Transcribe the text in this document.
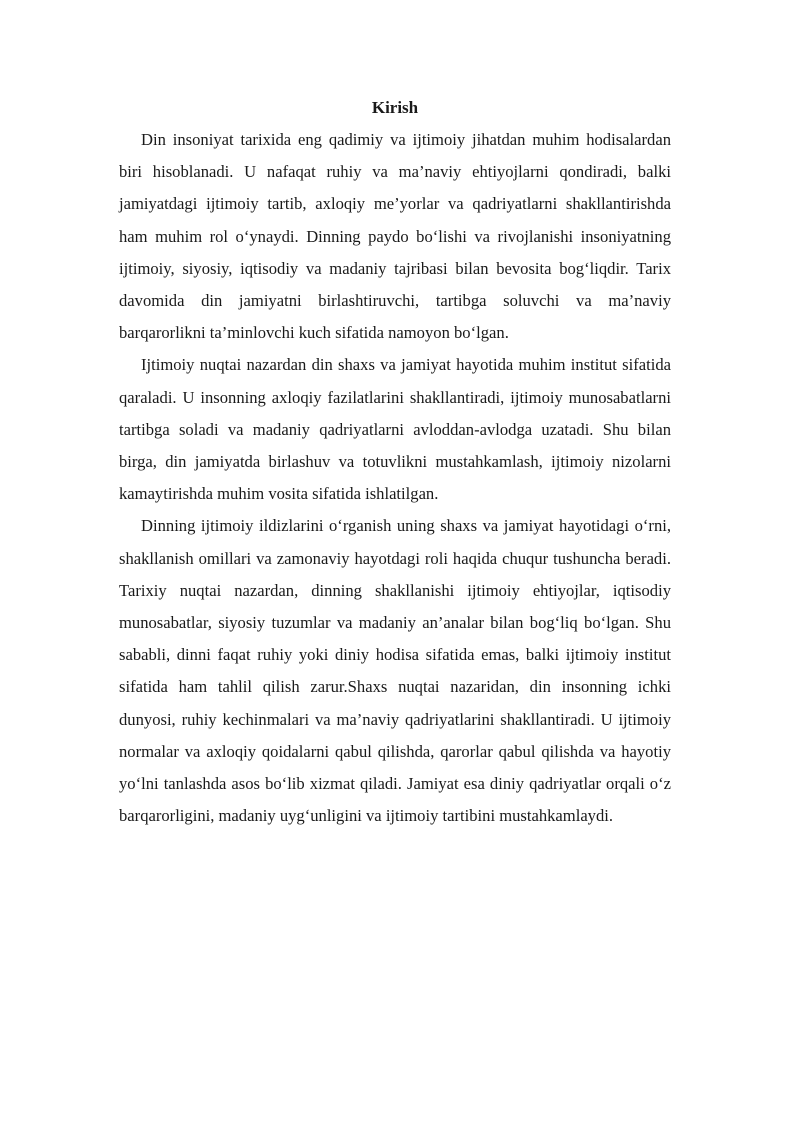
Kirish

Din insoniyat tarixida eng qadimiy va ijtimoiy jihatdan muhim hodisalardan biri hisoblanadi. U nafaqat ruhiy va ma’naviy ehtiyojlarni qondiradi, balki jamiyatdagi ijtimoiy tartib, axloqiy me’yorlar va qadriyatlarni shakllantirishda ham muhim rol o‘ynaydi. Dinning paydo bo‘lishi va rivojlanishi insoniyatning ijtimoiy, siyosiy, iqtisodiy va madaniy tajribasi bilan bevosita bog‘liqdir. Tarix davomida din jamiyatni birlashtiruvchi, tartibga soluvchi va ma’naviy barqarorlikni ta’minlovchi kuch sifatida namoyon bo‘lgan.

Ijtimoiy nuqtai nazardan din shaxs va jamiyat hayotida muhim institut sifatida qaraladi. U insonning axloqiy fazilatlarini shakllantiradi, ijtimoiy munosabatlarni tartibga soladi va madaniy qadriyatlarni avloddan-avlodga uzatadi. Shu bilan birga, din jamiyatda birlashuv va totuvlikni mustahkamlash, ijtimoiy nizolarni kamaytirishda muhim vosita sifatida ishlatilgan.

Dinning ijtimoiy ildizlarini o‘rganish uning shaxs va jamiyat hayotidagi o‘rni, shakllanish omillari va zamonaviy hayotdagi roli haqida chuqur tushuncha beradi. Tarixiy nuqtai nazardan, dinning shakllanishi ijtimoiy ehtiyojlar, iqtisodiy munosabatlar, siyosiy tuzumlar va madaniy an’analar bilan bog‘liq bo‘lgan. Shu sababli, dinni faqat ruhiy yoki diniy hodisa sifatida emas, balki ijtimoiy institut sifatida ham tahlil qilish zarur.Shaxs nuqtai nazaridan, din insonning ichki dunyosi, ruhiy kechinmalari va ma’naviy qadriyatlarini shakllantiradi. U ijtimoiy normalar va axloqiy qoidalarni qabul qilishda, qarorlar qabul qilishda va hayotiy yo‘lni tanlashda asos bo‘lib xizmat qiladi. Jamiyat esa diniy qadriyatlar orqali o‘z barqarorligini, madaniy uyg‘unligini va ijtimoiy tartibini mustahkamlaydi.
